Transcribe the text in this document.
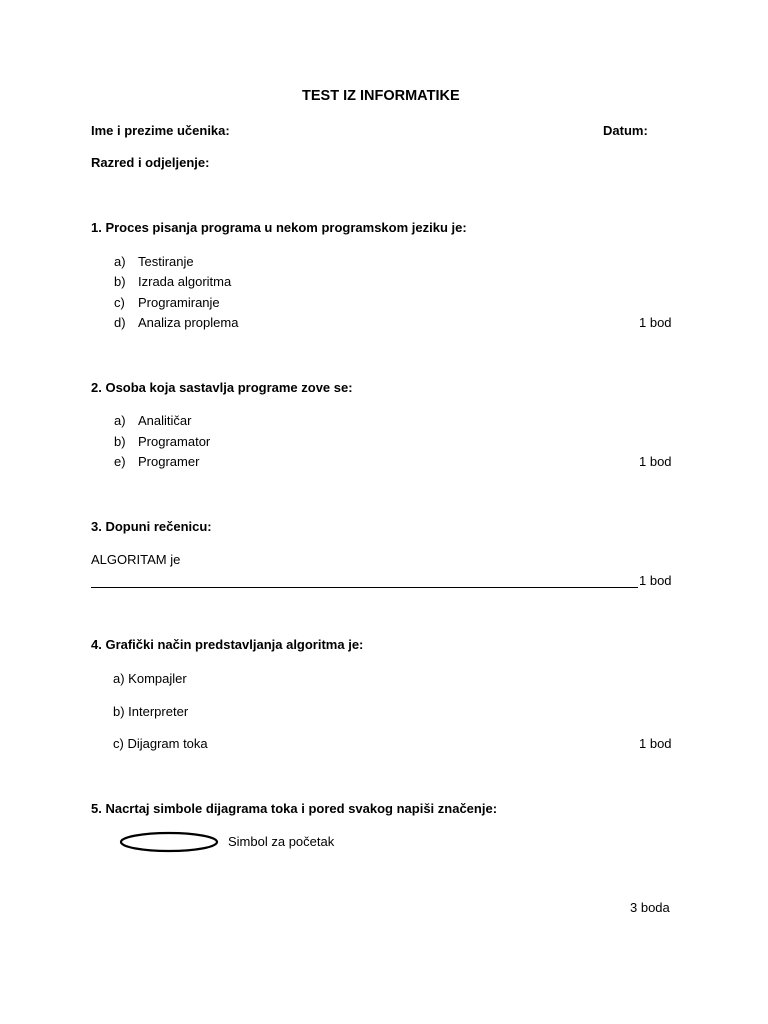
TEST IZ INFORMATIKE
Ime i prezime učenika:	Datum:
Razred i odjeljenje:
1. Proces pisanja programa u nekom programskom jeziku je:
a) Testiranje
b) Izrada algoritma
c) Programiranje
d) Analiza proplema	1 bod
2. Osoba koja sastavlja programe zove se:
a) Analitičar
b) Programator
e) Programer	1 bod
3. Dopuni rečenicu:
ALGORITAM je
1 bod
4. Grafički način predstavljanja algoritma je:
a) Kompajler
b) Interpreter
c) Dijagram toka	1 bod
5. Nacrtaj simbole dijagrama toka i pored svakog napiši značenje:
Simbol za početak
3 boda
